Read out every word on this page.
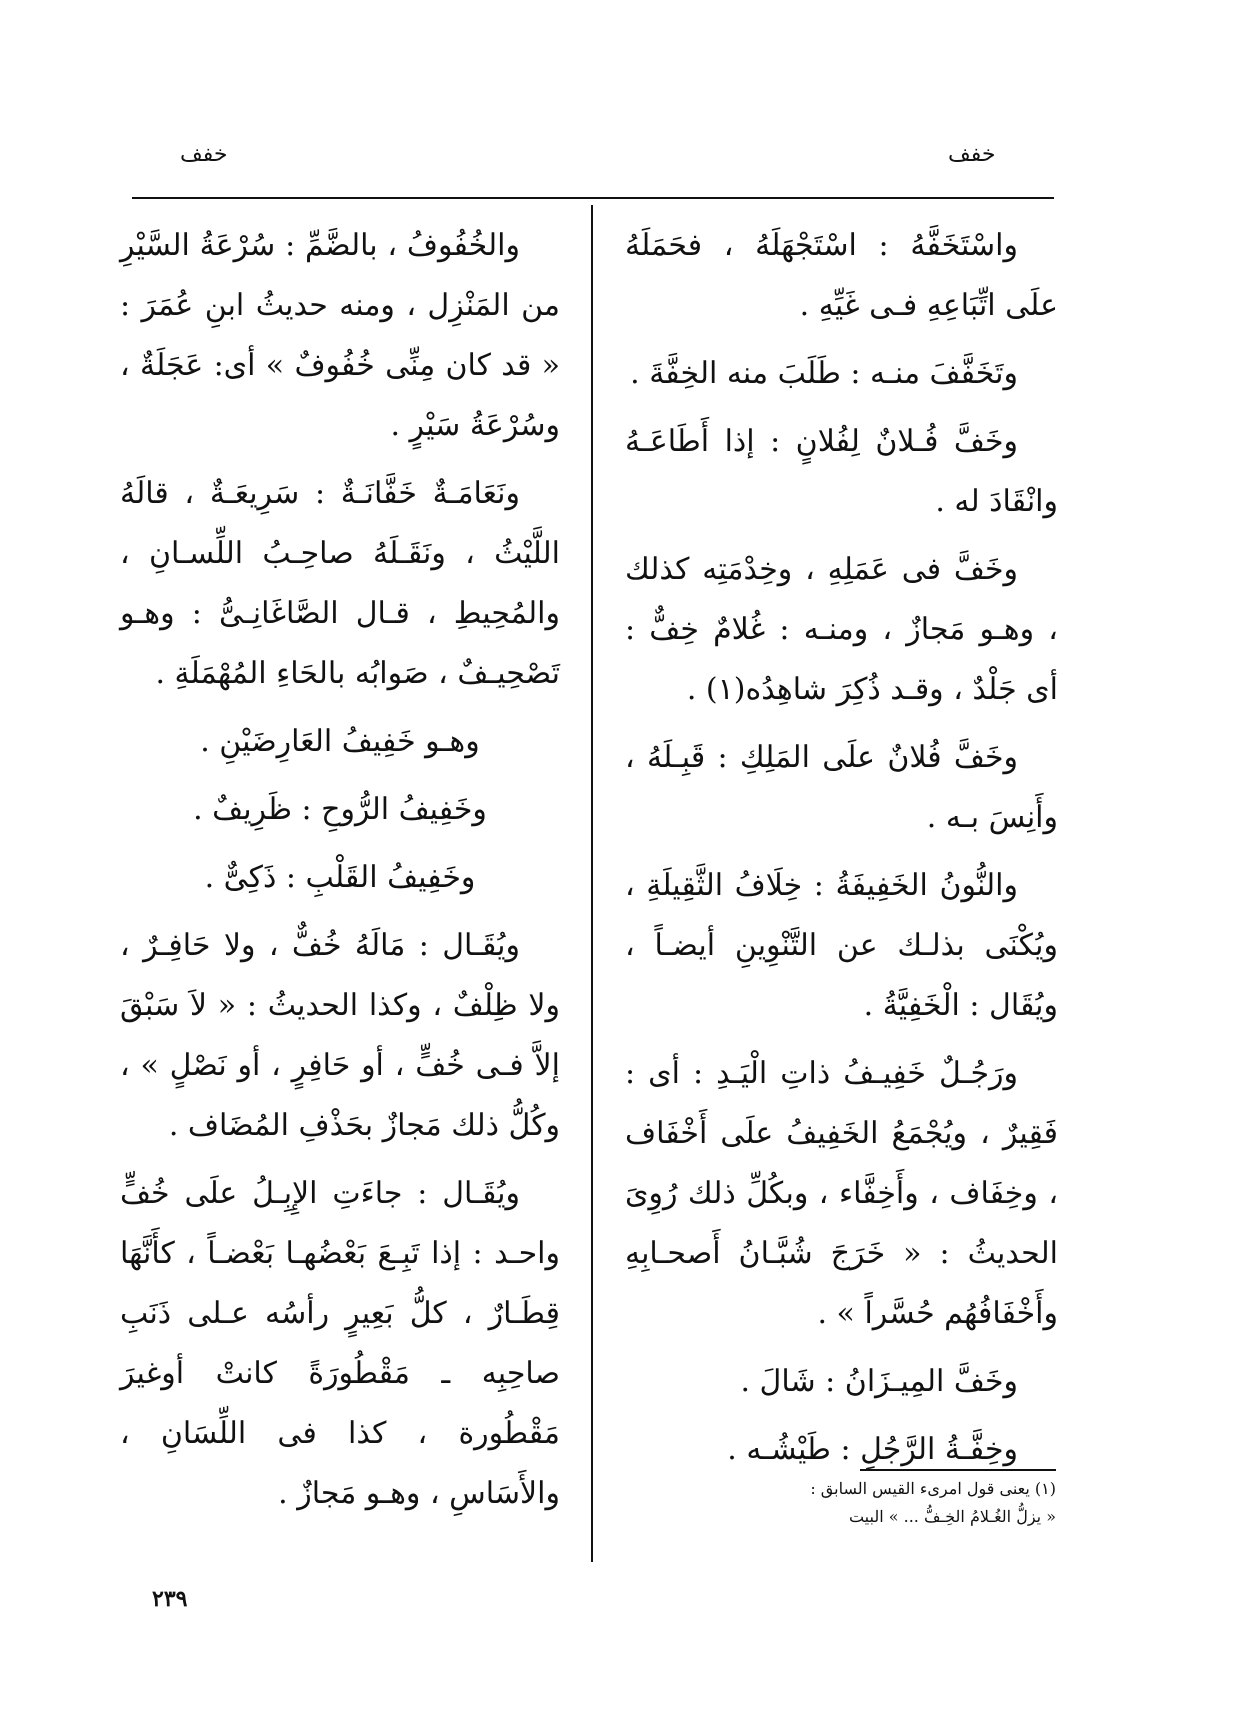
خفف	خفف

واسْتَخَفَّهُ : اسْتَجْهَلَهُ ، فحَمَلَهُ علَى اتِّبَاعِهِ فـى غَيِّهِ .

وتَخَفَّفَ منـه : طَلَبَ منه الخِفَّةَ .

وخَفَّ فُـلانٌ لِفُلانٍ : إذا أَطَاعَـهُ وانْقَادَ له .

وخَفَّ فى عَمَلِهِ ، وخِدْمَتِه كذلك ، وهـو مَجازٌ ، ومنـه : غُلامٌ خِفٌّ : أى جَلْدٌ ، وقـد ذُكِرَ شاهِدُه(١) .

وخَفَّ فُلانٌ علَى المَلِكِ : قَبِـلَهُ ، وأَنِسَ بـه .

والنُّونُ الخَفِيفَةُ : خِلَافُ الثَّقِيلَةِ ، ويُكْنَى بذلـك عن التَّنْوِينِ أيضـاً ، ويُقَال : الْخَفِيَّةُ .

ورَجُـلٌ خَفِيـفُ ذاتِ الْيَـدِ : أى : فَقِيرٌ ، ويُجْمَعُ الخَفِيفُ علَى أَخْفَاف ، وخِفَاف ، وأَخِفَّاء ، وبكُلِّ ذلك رُوِىَ الحديثُ : « خَرَجَ شُبَّـانُ أَصحـابِهِ وأَخْفَافُهُم حُسَّراً » .

وخَفَّ المِيـزَانُ : شَالَ .

وخِفَّـةُ الرَّجُلِ : طَيْشُـه .

والخُفُوفُ ، بالضَّمِّ : سُرْعَةُ السَّيْرِ من المَنْزِل ، ومنه حديثُ ابنِ عُمَرَ : « قد كان مِنِّى خُفُوفٌ » أى: عَجَلَةٌ ، وسُرْعَةُ سَيْرٍ .

ونَعَامَـةٌ خَفَّانَـةٌ : سَرِيعَـةٌ ، قالَهُ اللَّيْثُ ، ونَقَـلَهُ صاحِـبُ اللِّسـانِ ، والمُحِيطِ ، قـال الصَّاغَانِـىُّ : وهـو تَصْحِيـفٌ ، صَوابُه بالحَاءِ المُهْمَلَةِ .

وهـو خَفِيفُ العَارِضَيْنِ .

وخَفِيفُ الرُّوحِ : ظَرِيفٌ .

وخَفِيفُ القَلْبِ : ذَكِىٌّ .

ويُقَـال : مَالَهُ خُفٌّ ، ولا حَافِـرٌ ، ولا ظِلْفٌ ، وكذا الحديثُ : « لاَ سَبْقَ إلاَّ فـى خُفٍّ ، أو حَافِرٍ ، أو نَصْلٍ » ، وكُلُّ ذلك مَجازٌ بحَذْفِ المُضَاف .

ويُقَـال : جاءَتِ الإِبِـلُ علَى خُفٍّ واحـد : إذا تَبِـعَ بَعْضُهـا بَعْضـاً ، كأَنَّهَا قِطَـارٌ ، كلُّ بَعِيرٍ رأسُه عـلى ذَنَبِ صاحِبِه ـ مَقْطُورَةً كانتْ أوغيرَ مَقْطُورة ، كذا فى اللِّسَانِ ، والأَسَاسِ ، وهـو مَجازٌ .	(١) يعنى قول امرىء القيس السابق :
« يزلُّ الغُـلامُ الخِـفُّ ... » البيت
٢٣٩
